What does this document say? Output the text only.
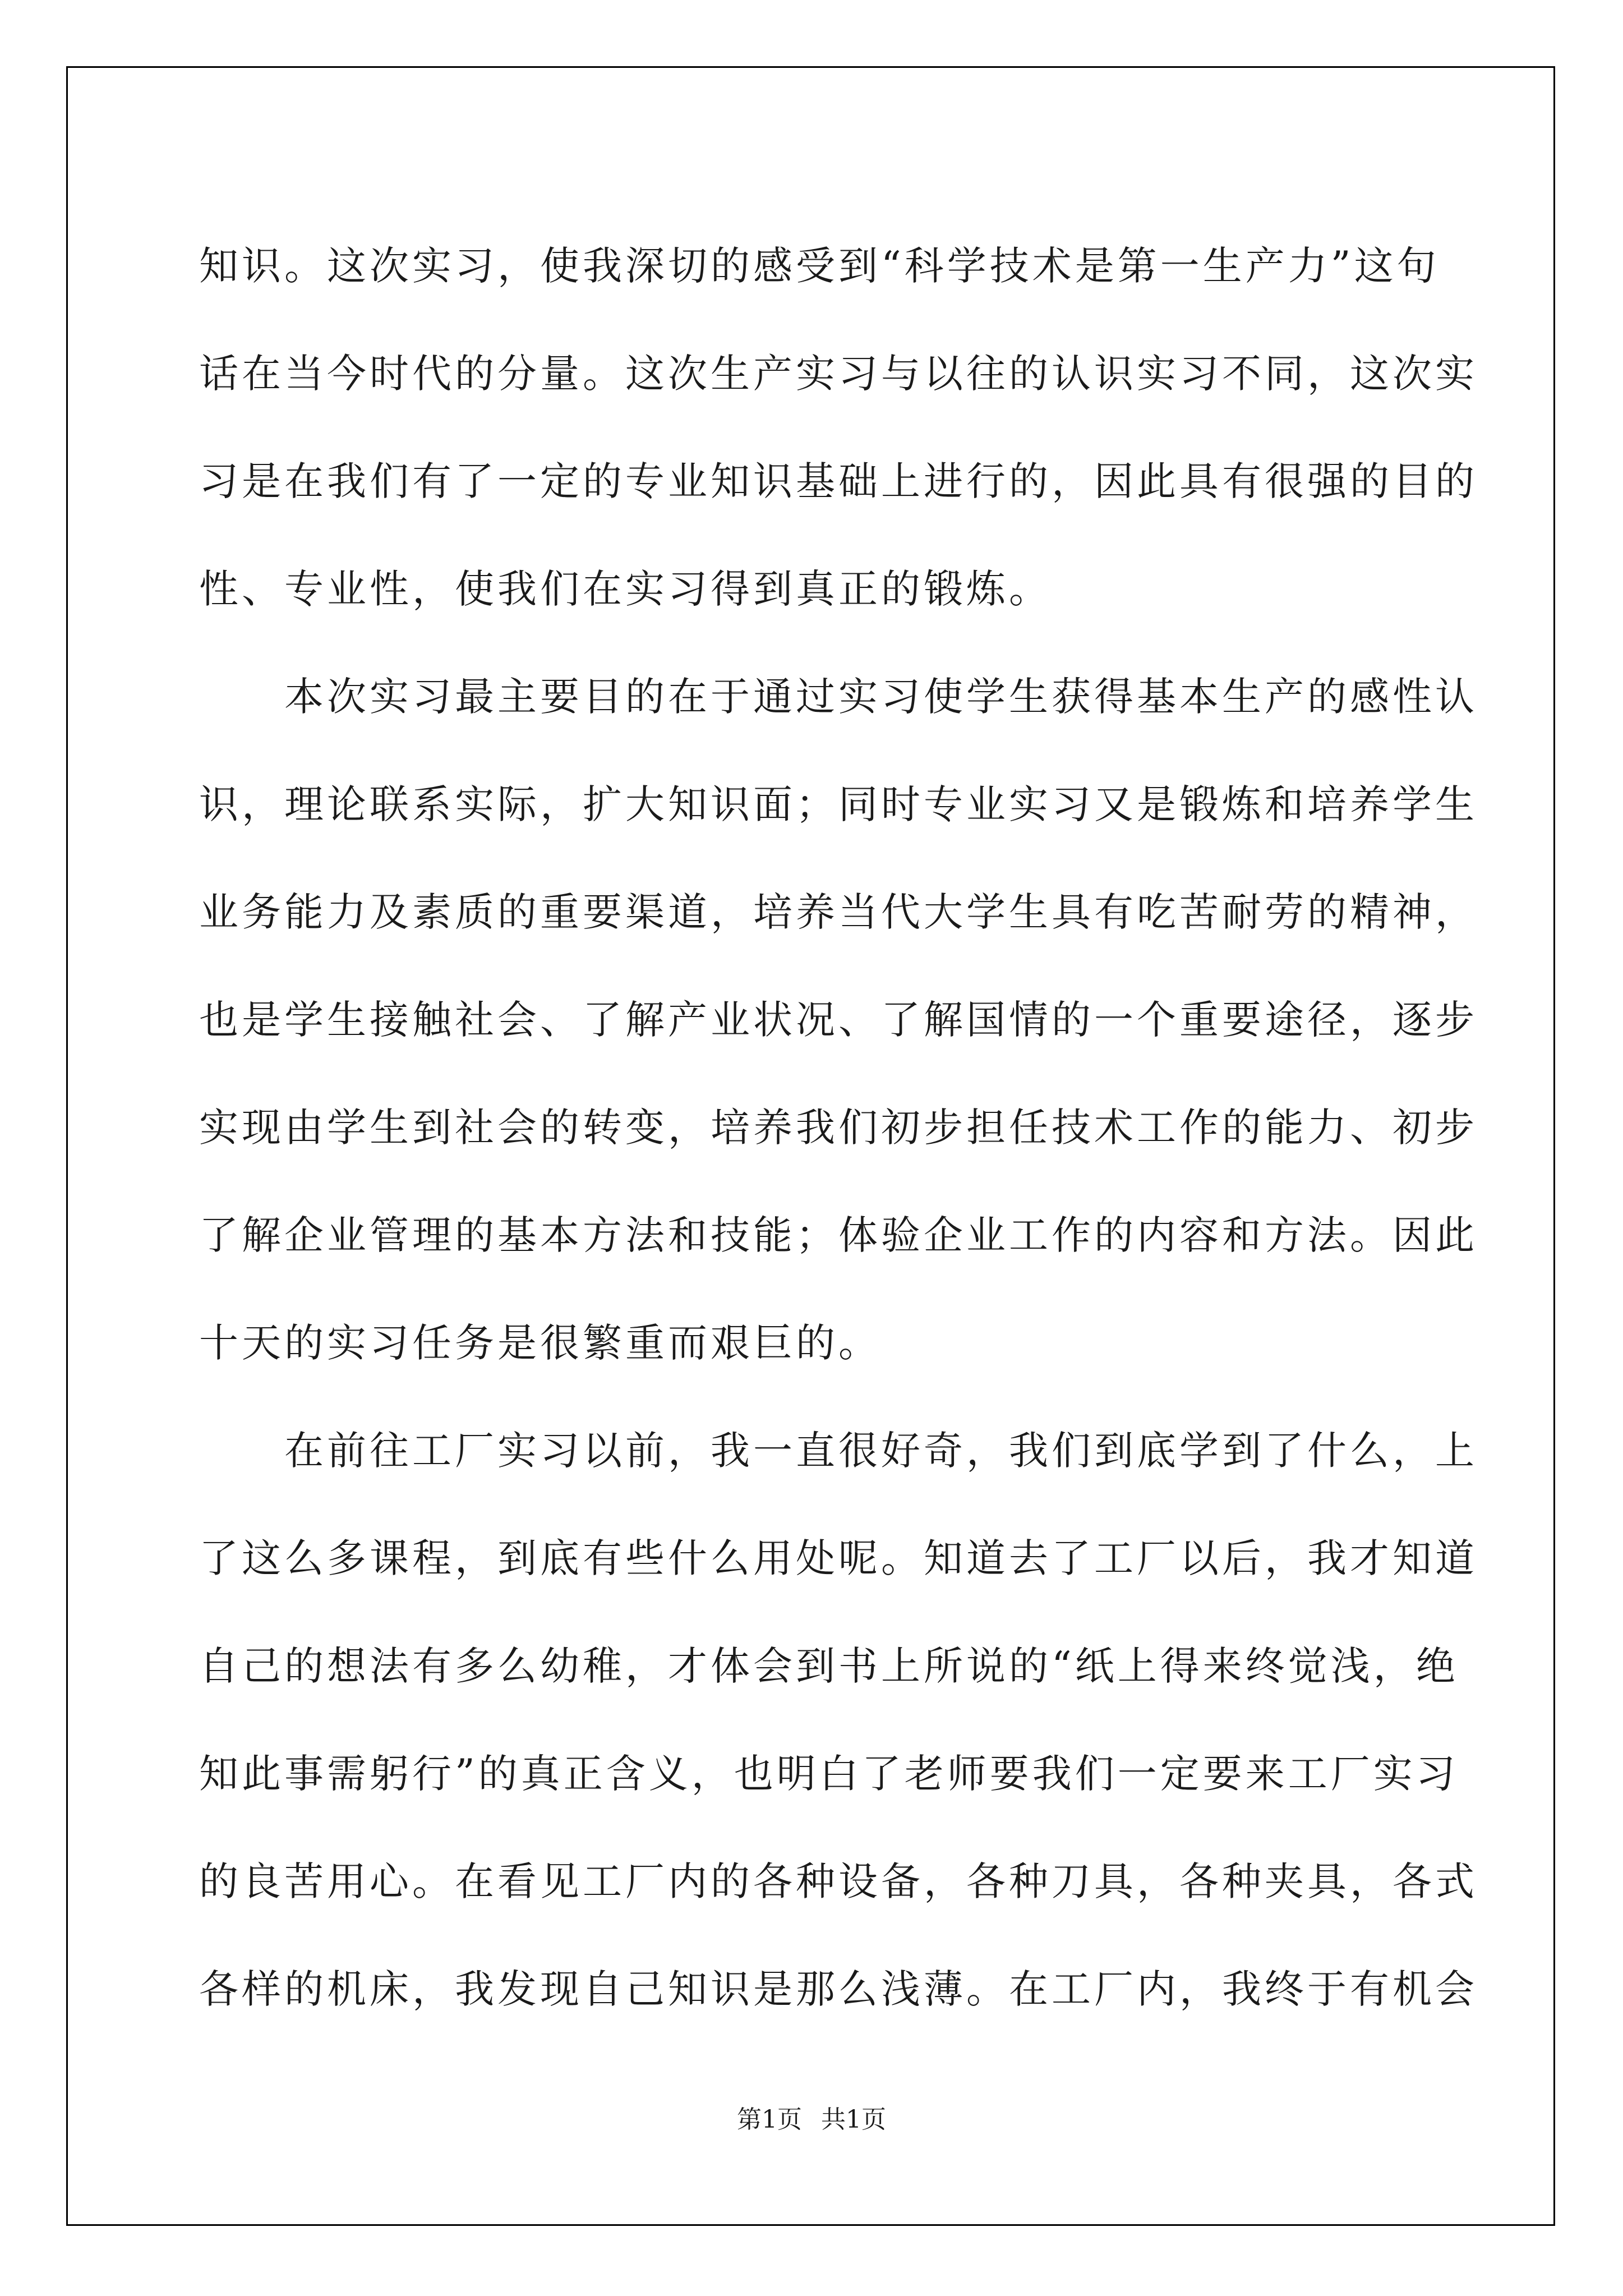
知识。这次实习，使我深切的感受到“科学技术是第一生产力”这句
话在当今时代的分量。这次生产实习与以往的认识实习不同，这次实
习是在我们有了一定的专业知识基础上进行的，因此具有很强的目的
性、专业性，使我们在实习得到真正的锻炼。
　　本次实习最主要目的在于通过实习使学生获得基本生产的感性认
识，理论联系实际，扩大知识面；同时专业实习又是锻炼和培养学生
业务能力及素质的重要渠道，培养当代大学生具有吃苦耐劳的精神，
也是学生接触社会、了解产业状况、了解国情的一个重要途径，逐步
实现由学生到社会的转变，培养我们初步担任技术工作的能力、初步
了解企业管理的基本方法和技能；体验企业工作的内容和方法。因此
十天的实习任务是很繁重而艰巨的。
　　在前往工厂实习以前，我一直很好奇，我们到底学到了什么，上
了这么多课程，到底有些什么用处呢。知道去了工厂以后，我才知道
自己的想法有多么幼稚，才体会到书上所说的“纸上得来终觉浅，绝
知此事需躬行”的真正含义，也明白了老师要我们一定要来工厂实习
的良苦用心。在看见工厂内的各种设备，各种刀具，各种夹具，各式
各样的机床，我发现自己知识是那么浅薄。在工厂内，我终于有机会
第1页 共1页
